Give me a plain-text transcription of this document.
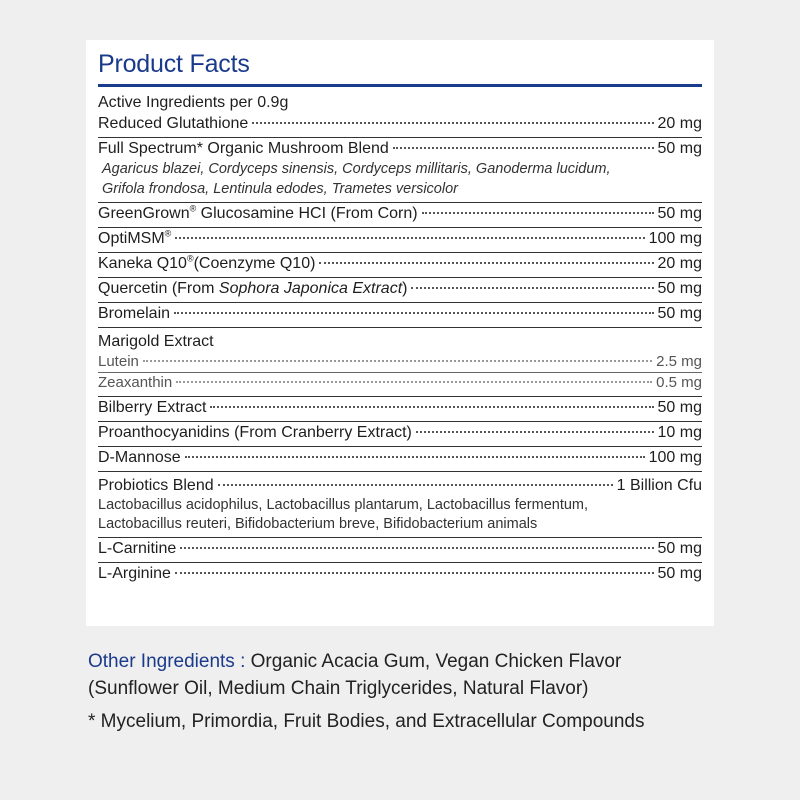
Product Facts
Active Ingredients per 0.9g
Reduced Glutathione	20 mg
Full Spectrum* Organic Mushroom Blend	50 mg
Agaricus blazei, Cordyceps sinensis, Cordyceps millitaris, Ganoderma lucidum,
Grifola frondosa, Lentinula edodes, Trametes versicolor
GreenGrown® Glucosamine HCI (From Corn)	50 mg
OptiMSM®	100 mg
Kaneka Q10®(Coenzyme Q10)	20 mg
Quercetin (From Sophora Japonica Extract)	50 mg
Bromelain	50 mg
Marigold Extract
Lutein	2.5 mg
Zeaxanthin	0.5 mg
Bilberry Extract	50 mg
Proanthocyanidins (From Cranberry Extract)	10 mg
D-Mannose	100 mg
Probiotics Blend	1 Billion Cfu
Lactobacillus acidophilus, Lactobacillus plantarum, Lactobacillus fermentum,
Lactobacillus reuteri, Bifidobacterium breve, Bifidobacterium animals
L-Carnitine	50 mg
L-Arginine	50 mg
Other Ingredients : Organic Acacia Gum, Vegan Chicken Flavor
(Sunflower Oil, Medium Chain Triglycerides, Natural Flavor)
* Mycelium, Primordia, Fruit Bodies, and Extracellular Compounds
